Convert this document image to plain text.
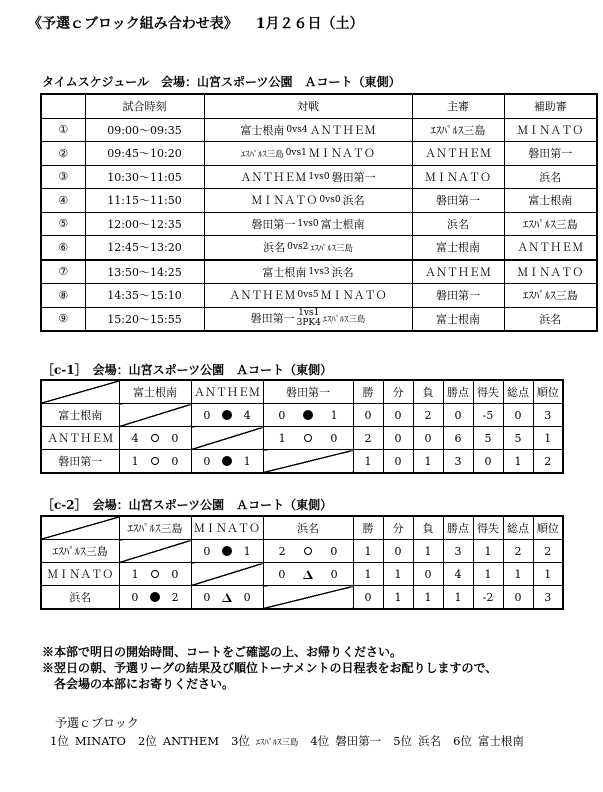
《予選ｃブロック組み合わせ表》 1月２６日（土）
タイムスケジュール　会場：山宮スポーツ公園　Ａコート（東側）
	試合時刻	対戦	主審	補助審
①	09:00～09:35	富士根南 0vs4 ＡＮＴＨＥＭ	ｴｽﾊﾟﾙｽ三島	ＭＩＮＡＴＯ
②	09:45～10:20	ｴｽﾊﾟﾙｽ三島 0vs1 ＭＩＮＡＴＯ	ＡＮＴＨＥＭ	磐田第一
③	10:30～11:05	ＡＮＴＨＥＭ 1vs0 磐田第一	ＭＩＮＡＴＯ	浜名
④	11:15～11:50	ＭＩＮＡＴＯ 0vs0 浜名	磐田第一	富士根南
⑤	12:00～12:35	磐田第一 1vs0 富士根南	浜名	ｴｽﾊﾟﾙｽ三島
⑥	12:45～13:20	浜名 0vs2 ｴｽﾊﾟﾙｽ三島	富士根南	ＡＮＴＨＥＭ
⑦	13:50～14:25	富士根南 1vs3 浜名	ＡＮＴＨＥＭ	ＭＩＮＡＴＯ
⑧	14:35～15:10	ＡＮＴＨＥＭ 0vs5 ＭＩＮＡＴＯ	磐田第一	ｴｽﾊﾟﾙｽ三島
⑨	15:20～15:55	磐田第一 1vs1
3PK4 ｴｽﾊﾟﾙｽ三島	富士根南	浜名
［c-1］　会場：山宮スポーツ公園　Ａコート（東側）
	富士根南	ＡＮＴＨＥＭ	磐田第一	勝	分	負	勝点	得失	総点	順位
富士根南		0 4	0 1	0	0	2	0	-5	0	3
ＡＮＴＨＥＭ	4 0		1 0	2	0	0	6	5	5	1
磐田第一	1 0	0 1		1	0	1	3	0	1	2
［c-2］　会場：山宮スポーツ公園　Ａコート（東側）
	ｴｽﾊﾟﾙｽ三島	ＭＩＮＡＴＯ	浜名	勝	分	負	勝点	得失	総点	順位
ｴｽﾊﾟﾙｽ三島		0 1	2 0	1	0	1	3	1	2	2
ＭＩＮＡＴＯ	1 0		0 0	1	1	0	4	1	1	1
浜名	0 2	0 0		0	1	1	1	-2	0	3
※本部で明日の開始時間、コートをご確認の上、お帰りください。
※翌日の朝、予選リーグの結果及び順位トーナメントの日程表をお配りしますので、
　各会場の本部にお寄りください。
予選ｃブロック
1位 MINATO 2位 ANTHEM 3位 ｴｽﾊﾟﾙｽ三島 4位 磐田第一 5位 浜名 6位 富士根南
